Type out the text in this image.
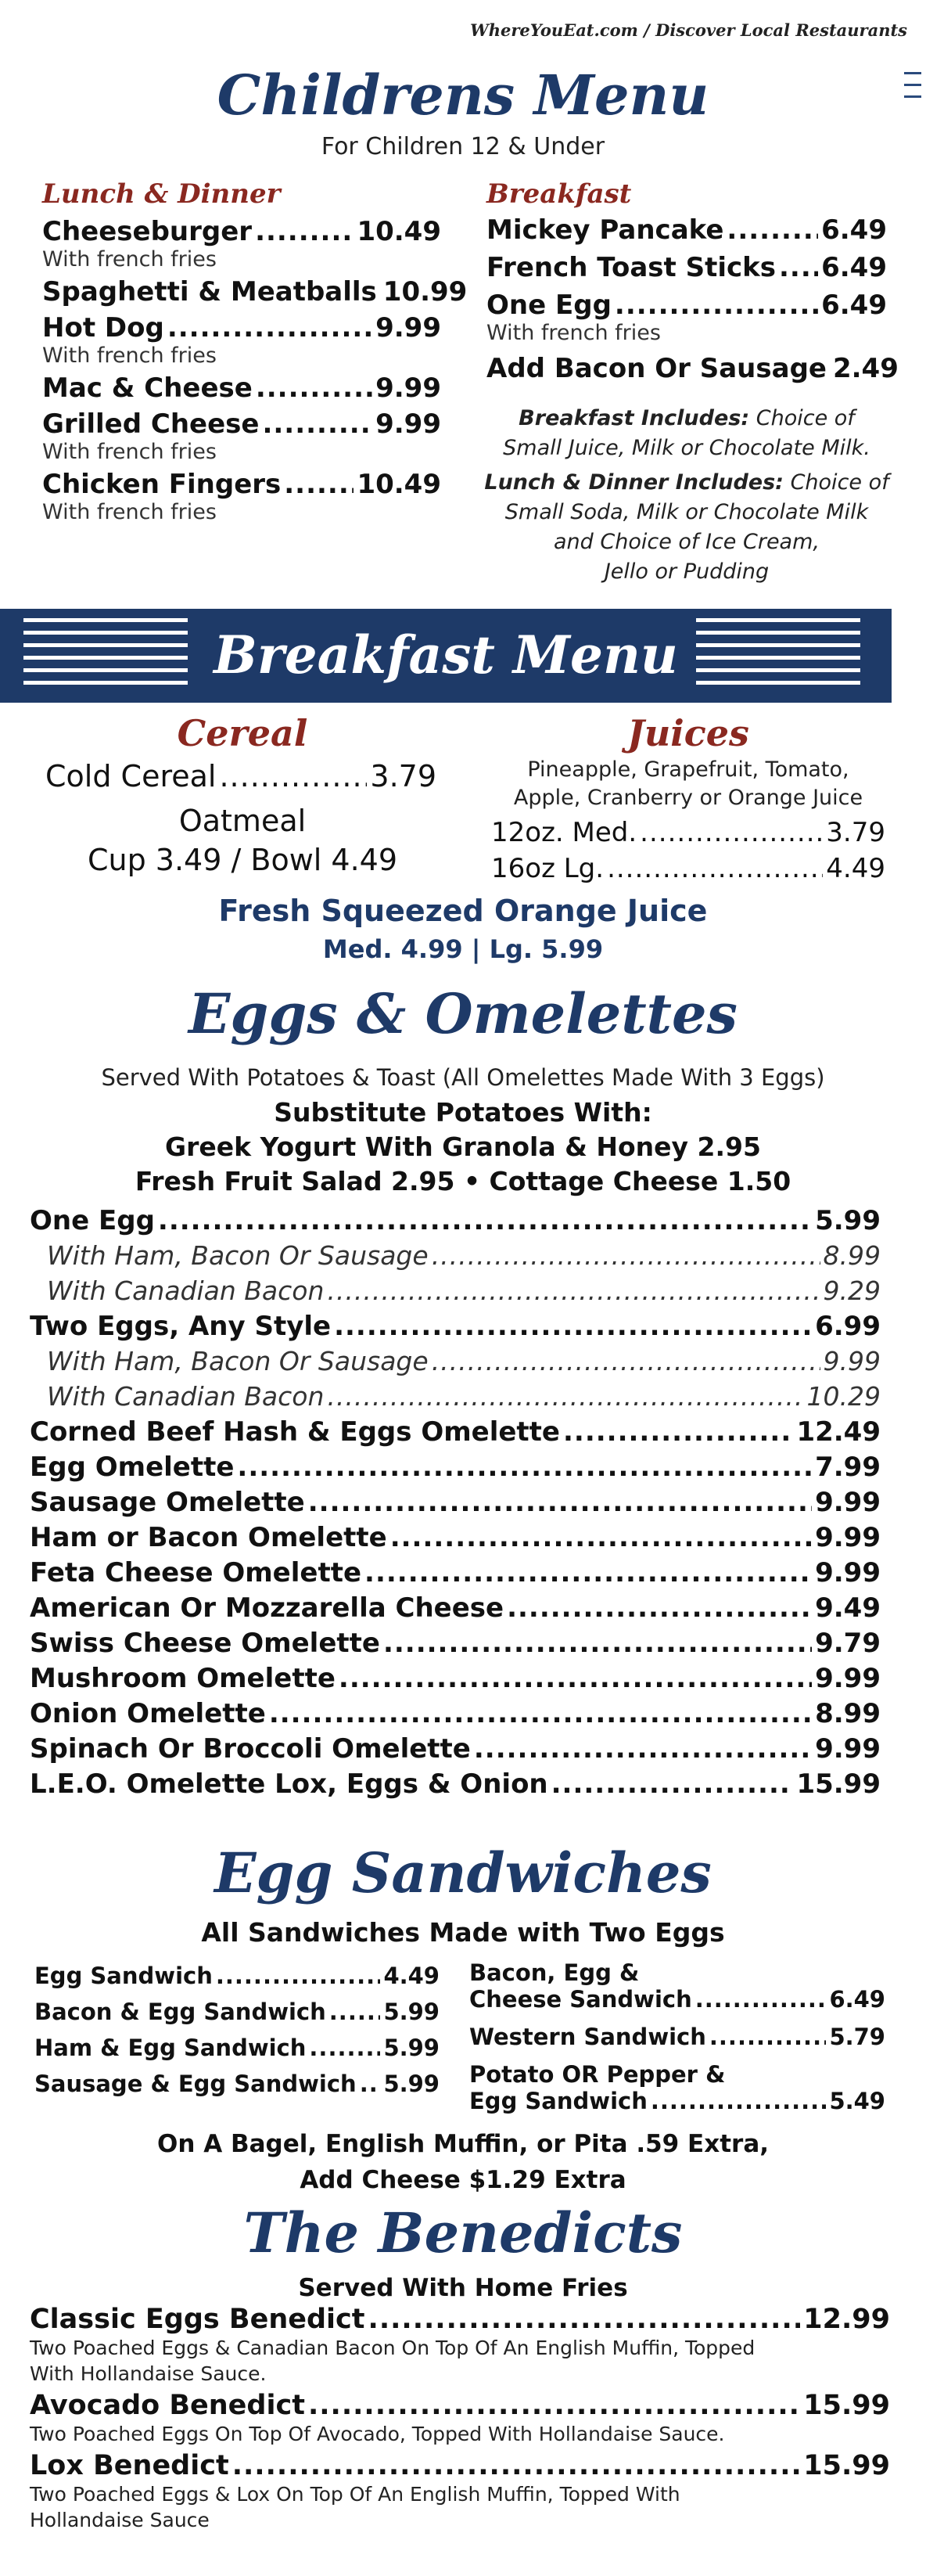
WhereYouEat.com / Discover Local Restaurants
Childrens Menu
For Children 12 & Under
Lunch & Dinner
Cheeseburger .....	10.49
With french fries
Spaghetti & Meatballs 10.99
Hot Dog .....	9.99
With french fries
Mac & Cheese .....	9.99
Grilled Cheese .....	9.99
With french fries
Chicken Fingers .....	10.49
With french fries
Breakfast
Mickey Pancake .....	6.49
French Toast Sticks ..... 6.49
One Egg .....	6.49
With french fries
Add Bacon Or Sausage 2.49
Breakfast Includes: Choice of
Small Juice, Milk or Chocolate Milk.
Lunch & Dinner Includes: Choice of
Small Soda, Milk or Chocolate Milk
and Choice of Ice Cream,
Jello or Pudding
Breakfast Menu
Cereal
Cold Cereal .....	3.79
Oatmeal
Cup 3.49 / Bowl 4.49
Juices
Pineapple, Grapefruit, Tomato,
Apple, Cranberry or Orange Juice
12oz. Med. .....	3.79
16oz Lg. .....	4.49
Fresh Squeezed Orange Juice
Med. 4.99 | Lg. 5.99
Eggs & Omelettes
Served With Potatoes & Toast (All Omelettes Made With 3 Eggs)
Substitute Potatoes With:
Greek Yogurt With Granola & Honey 2.95
Fresh Fruit Salad 2.95 • Cottage Cheese 1.50
One Egg .....	5.99
With Ham, Bacon Or Sausage .....	8.99
With Canadian Bacon .....	9.29
Two Eggs, Any Style .....	6.99
With Ham, Bacon Or Sausage .....	9.99
With Canadian Bacon .....	10.29
Corned Beef Hash & Eggs Omelette .....	12.49
Egg Omelette .....	7.99
Sausage Omelette .....	9.99
Ham or Bacon Omelette .....	9.99
Feta Cheese Omelette .....	9.99
American Or Mozzarella Cheese .....	9.49
Swiss Cheese Omelette .....	9.79
Mushroom Omelette .....	9.99
Onion Omelette .....	8.99
Spinach Or Broccoli Omelette .....	9.99
L.E.O. Omelette Lox, Eggs & Onion .....	15.99
Egg Sandwiches
All Sandwiches Made with Two Eggs
Egg Sandwich .....	4.49
Bacon & Egg Sandwich .....	5.99
Ham & Egg Sandwich .....	5.99
Sausage & Egg Sandwich ..... 5.99
Bacon, Egg &
Cheese Sandwich .....	6.49
Western Sandwich .....	5.79
Potato OR Pepper &
Egg Sandwich .....	5.49
On A Bagel, English Muffin, or Pita .59 Extra,
Add Cheese $1.29 Extra
The Benedicts
Served With Home Fries
Classic Eggs Benedict .....	12.99
Two Poached Eggs & Canadian Bacon On Top Of An English Muffin, Topped
With Hollandaise Sauce.
Avocado Benedict .....	15.99
Two Poached Eggs On Top Of Avocado, Topped With Hollandaise Sauce.
Lox Benedict .....	15.99
Two Poached Eggs & Lox On Top Of An English Muffin, Topped With
Hollandaise Sauce
